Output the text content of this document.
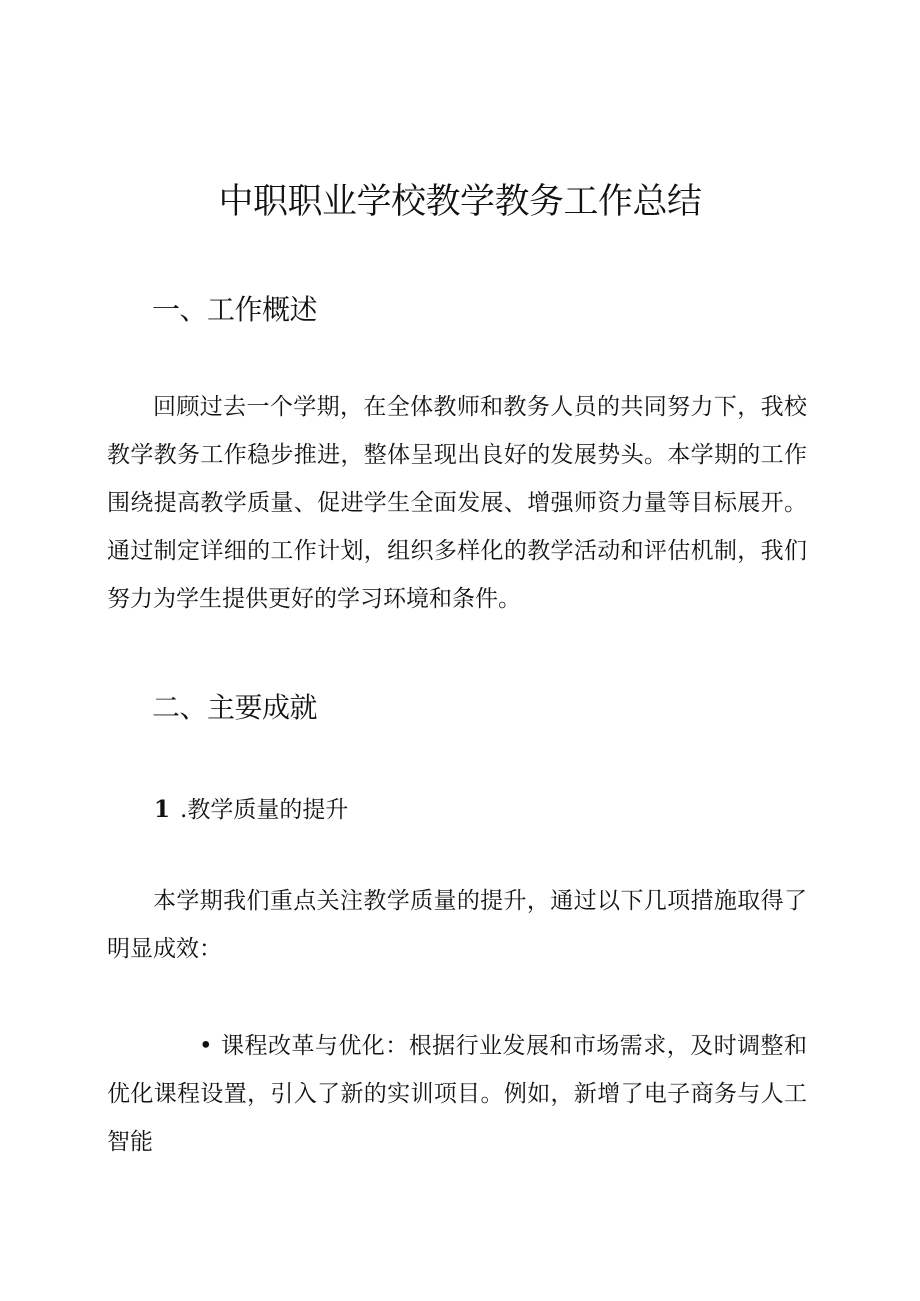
中职职业学校教学教务工作总结
一、工作概述

回顾过去一个学期，在全体教师和教务人员的共同努力下，我校教学教务工作稳步推进，整体呈现出良好的发展势头。本学期的工作围绕提高教学质量、促进学生全面发展、增强师资力量等目标展开。通过制定详细的工作计划，组织多样化的教学活动和评估机制，我们努力为学生提供更好的学习环境和条件。

二、主要成就
1 .教学质量的提升

本学期我们重点关注教学质量的提升，通过以下几项措施取得了明显成效：

• 课程改革与优化：根据行业发展和市场需求，及时调整和优化课程设置，引入了新的实训项目。例如，新增了电子商务与人工智能
